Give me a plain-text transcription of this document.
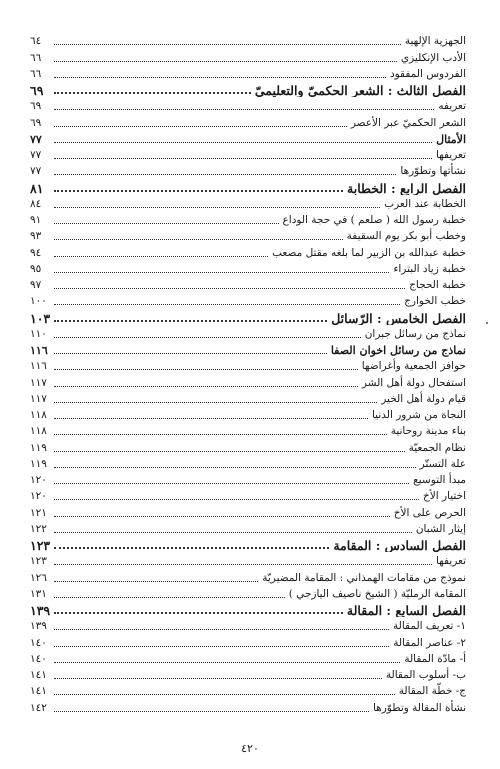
الجهزية الإلهية
٦٤
الأدب الإنكليزي
٦٦
الفردوس المفقود
٦٦
الفصل الثالث : الشعر الحكميّ والتعليميّ
٦٩
تعريفه
٦٩
الشعر الحكميّ عبر الأعصر
٦٩
الأمثال
٧٧
تعريفها
٧٧
نشأتها وتطوّرها
٧٧
الفصل الرابع : الخطابة
٨١
الخطابة عند العرب
٨٤
خطبة رسول الله ( صلعم ) في حجة الوداع
٩١
وخطب أبو بكر يوم السقيفة
٩٣
خطبة عبدالله بن الزبير لما بلغه مقتل مصعب
٩٤
خطبة زياد البتراء
٩٥
خطبة الحجاج
٩٧
خطب الخوارج
١٠٠
الفصل الخامس : الرّسائل
١٠٣
نماذج من رسائل جبران
١١٠
نماذج من رسائل اخوان الصفا
١١٦
حوافز الجمعية وأغراضها
١١٦
استفحال دولة أهل الشر
١١٧
قيام دولة أهل الخير
١١٧
النجاة من شرور الدنيا
١١٨
بناء مدينة روحانية
١١٨
نظام الجمعيّة
١١٩
علة التستّر
١١٩
مبدأ التوسيع
١٢٠
اختيار الأخ
١٢٠
الحرص على الأخ
١٢١
إيثار الشبان
١٢٢
الفصل السادس : المقامة
١٢٣
تعريفها
١٢٣
نموذج من مقامات الهمذاني : المقامة المضيريّة
١٢٦
المقامة الرمليّة ( الشيخ ناصيف اليازجي )
١٣١
الفصل السابع : المقالة
١٣٩
١- تعريف المقالة
١٣٩
٢- عناصر المقالة
١٤٠
أ- مادّة المقالة
١٤٠
ب- أسلوب المقالة
١٤١
ج- خطّة المقالة
١٤١
نشأة المقالة وتطوّرها
١٤٢
٤٢٠
